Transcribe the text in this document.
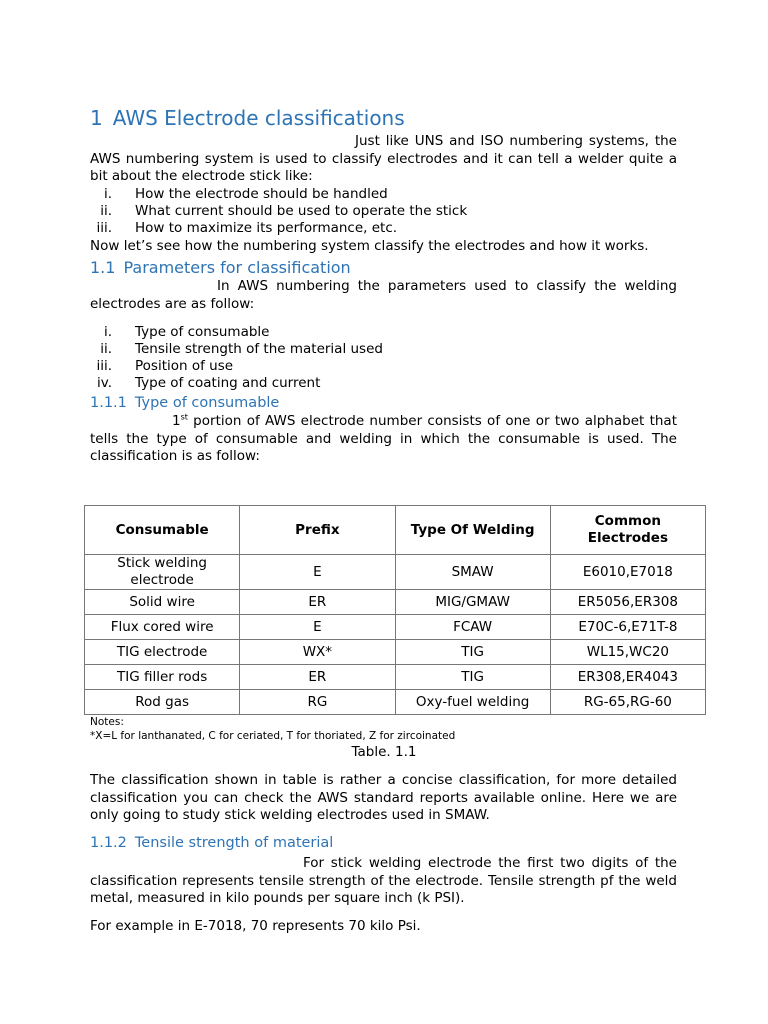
1 AWS Electrode classifications
Just like UNS and ISO numbering systems, the AWS numbering system is used to classify electrodes and it can tell a welder quite a bit about the electrode stick like:
i. How the electrode should be handled
ii. What current should be used to operate the stick
iii. How to maximize its performance, etc.
Now let’s see how the numbering system classify the electrodes and how it works.
1.1 Parameters for classification
In AWS numbering the parameters used to classify the welding electrodes are as follow:
i. Type of consumable
ii. Tensile strength of the material used
iii. Position of use
iv. Type of coating and current
1.1.1 Type of consumable
1st portion of AWS electrode number consists of one or two alphabet that tells the type of consumable and welding in which the consumable is used. The classification is as follow:
Consumable	Prefix	Type Of Welding	Common Electrodes
Stick welding electrode	E	SMAW	E6010,E7018
Solid wire	ER	MIG/GMAW	ER5056,ER308
Flux cored wire	E	FCAW	E70C-6,E71T-8
TIG electrode	WX*	TIG	WL15,WC20
TIG filler rods	ER	TIG	ER308,ER4043
Rod gas	RG	Oxy-fuel welding	RG-65,RG-60
Notes:
*X=L for lanthanated, C for ceriated, T for thoriated, Z for zircoinated
Table. 1.1
The classification shown in table is rather a concise classification, for more detailed classification you can check the AWS standard reports available online. Here we are only going to study stick welding electrodes used in SMAW.
1.1.2 Tensile strength of material
For stick welding electrode the first two digits of the classification represents tensile strength of the electrode. Tensile strength pf the weld metal, measured in kilo pounds per square inch (k PSI).
For example in E-7018, 70 represents 70 kilo Psi.
